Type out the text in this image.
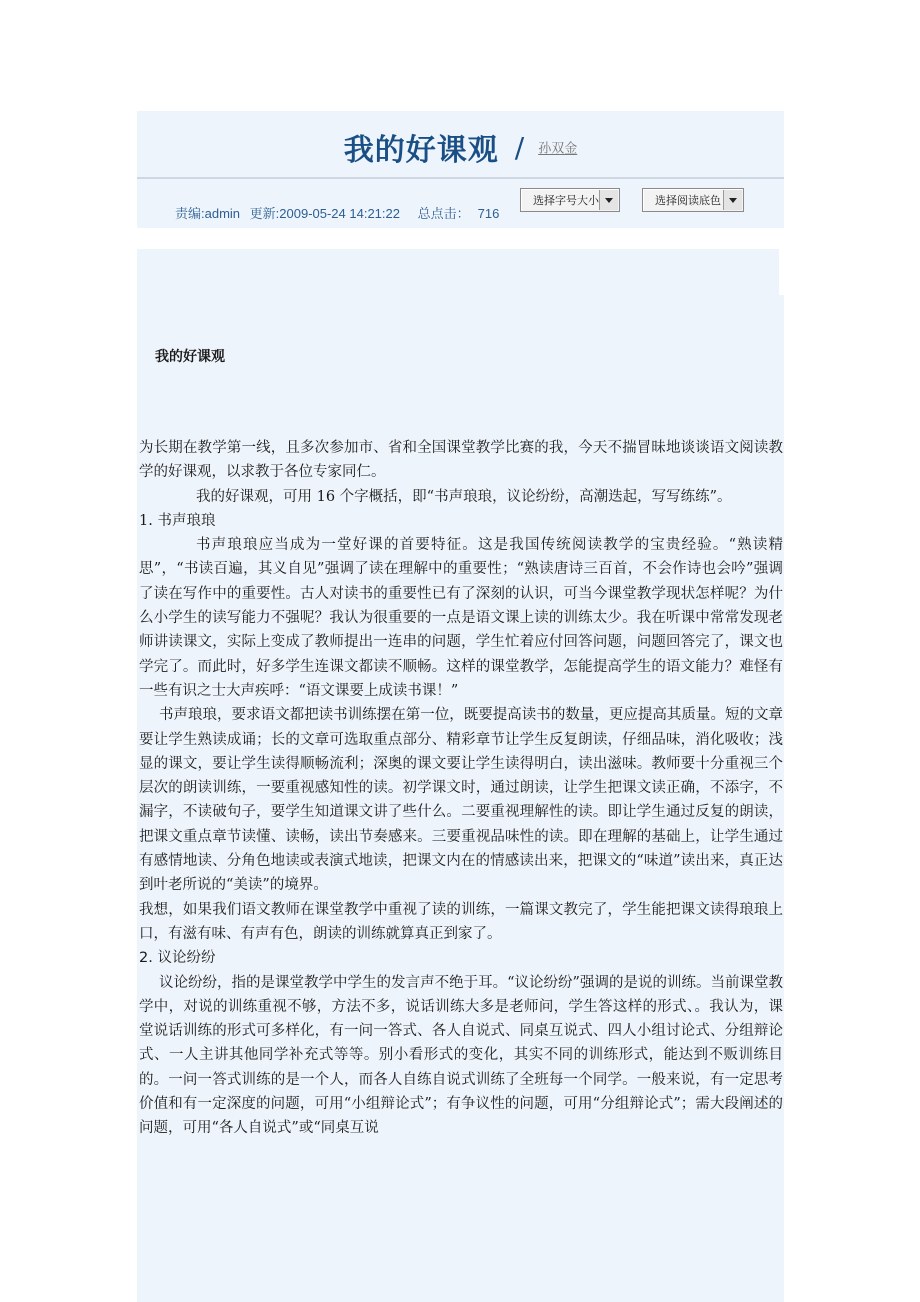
我的好课观 / 孙双金
责编:admin 更新:2009-05-24 14:21:22 总点击： 716
选择字号大小	选择阅读底色
我的好课观

为长期在教学第一线，且多次参加市、省和全国课堂教学比赛的我，今天不揣冒昧地谈谈语文阅读教学的好课观，以求教于各位专家同仁。

我的好课观，可用 16 个字概括，即“书声琅琅，议论纷纷，高潮迭起，写写练练”。

1. 书声琅琅

书声琅琅应当成为一堂好课的首要特征。这是我国传统阅读教学的宝贵经验。“熟读精思”，“书读百遍，其义自见”强调了读在理解中的重要性；“熟读唐诗三百首，不会作诗也会吟”强调了读在写作中的重要性。古人对读书的重要性已有了深刻的认识，可当今课堂教学现状怎样呢？为什么小学生的读写能力不强呢？我认为很重要的一点是语文课上读的训练太少。我在听课中常常发现老师讲读课文，实际上变成了教师提出一连串的问题，学生忙着应付回答问题，问题回答完了，课文也学完了。而此时，好多学生连课文都读不顺畅。这样的课堂教学，怎能提高学生的语文能力？难怪有一些有识之士大声疾呼：“语文课要上成读书课！”

书声琅琅，要求语文都把读书训练摆在第一位，既要提高读书的数量，更应提高其质量。短的文章要让学生熟读成诵；长的文章可选取重点部分、精彩章节让学生反复朗读，仔细品味，消化吸收；浅显的课文，要让学生读得顺畅流利；深奥的课文要让学生读得明白，读出滋味。教师要十分重视三个层次的朗读训练，一要重视感知性的读。初学课文时，通过朗读，让学生把课文读正确，不添字，不漏字，不读破句子，要学生知道课文讲了些什么。二要重视理解性的读。即让学生通过反复的朗读，把课文重点章节读懂、读畅，读出节奏感来。三要重视品味性的读。即在理解的基础上，让学生通过有感情地读、分角色地读或表演式地读，把课文内在的情感读出来，把课文的“味道”读出来，真正达到叶老所说的“美读”的境界。

我想，如果我们语文教师在课堂教学中重视了读的训练，一篇课文教完了，学生能把课文读得琅琅上口，有滋有味、有声有色，朗读的训练就算真正到家了。

2. 议论纷纷

议论纷纷，指的是课堂教学中学生的发言声不绝于耳。“议论纷纷”强调的是说的训练。当前课堂教学中，对说的训练重视不够，方法不多，说话训练大多是老师问，学生答这样的形式、。我认为，课堂说话训练的形式可多样化，有一问一答式、各人自说式、同桌互说式、四人小组讨论式、分组辩论式、一人主讲其他同学补充式等等。别小看形式的变化，其实不同的训练形式，能达到不贩训练目的。一问一答式训练的是一个人，而各人自练自说式训练了全班每一个同学。一般来说，有一定思考价值和有一定深度的问题，可用“小组辩论式”；有争议性的问题，可用“分组辩论式”；需大段阐述的问题，可用“各人自说式”或“同桌互说
